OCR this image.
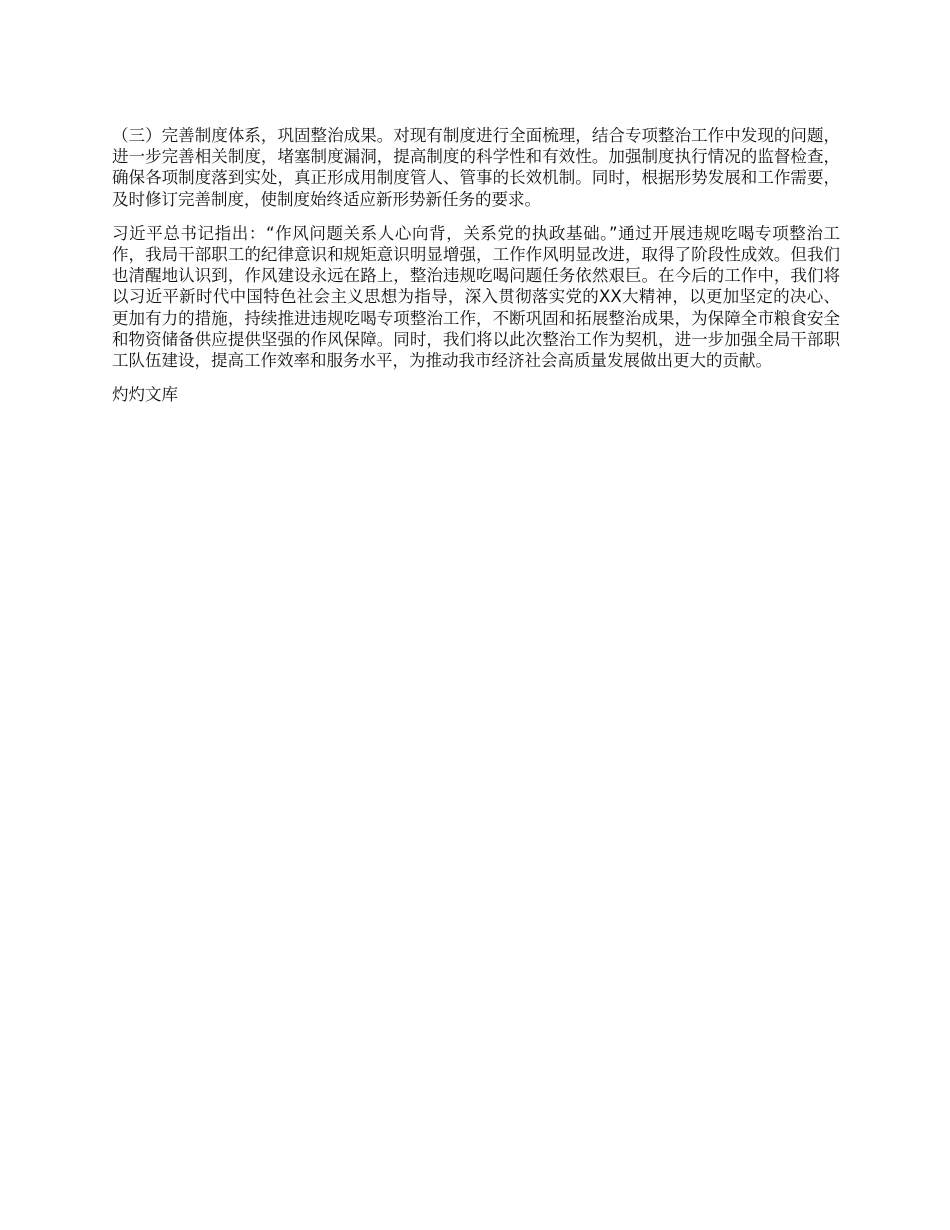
（三）完善制度体系，巩固整治成果。对现有制度进行全面梳理，结合专项整治工作中发现的问题，进一步完善相关制度，堵塞制度漏洞，提高制度的科学性和有效性。加强制度执行情况的监督检查，确保各项制度落到实处，真正形成用制度管人、管事的长效机制。同时，根据形势发展和工作需要，及时修订完善制度，使制度始终适应新形势新任务的要求。

习近平总书记指出：“作风问题关系人心向背，关系党的执政基础。”通过开展违规吃喝专项整治工作，我局干部职工的纪律意识和规矩意识明显增强，工作作风明显改进，取得了阶段性成效。但我们也清醒地认识到，作风建设永远在路上，整治违规吃喝问题任务依然艰巨。在今后的工作中，我们将以习近平新时代中国特色社会主义思想为指导，深入贯彻落实党的XX大精神，以更加坚定的决心、更加有力的措施，持续推进违规吃喝专项整治工作，不断巩固和拓展整治成果，为保障全市粮食安全和物资储备供应提供坚强的作风保障。同时，我们将以此次整治工作为契机，进一步加强全局干部职工队伍建设，提高工作效率和服务水平，为推动我市经济社会高质量发展做出更大的贡献。

灼灼文库
